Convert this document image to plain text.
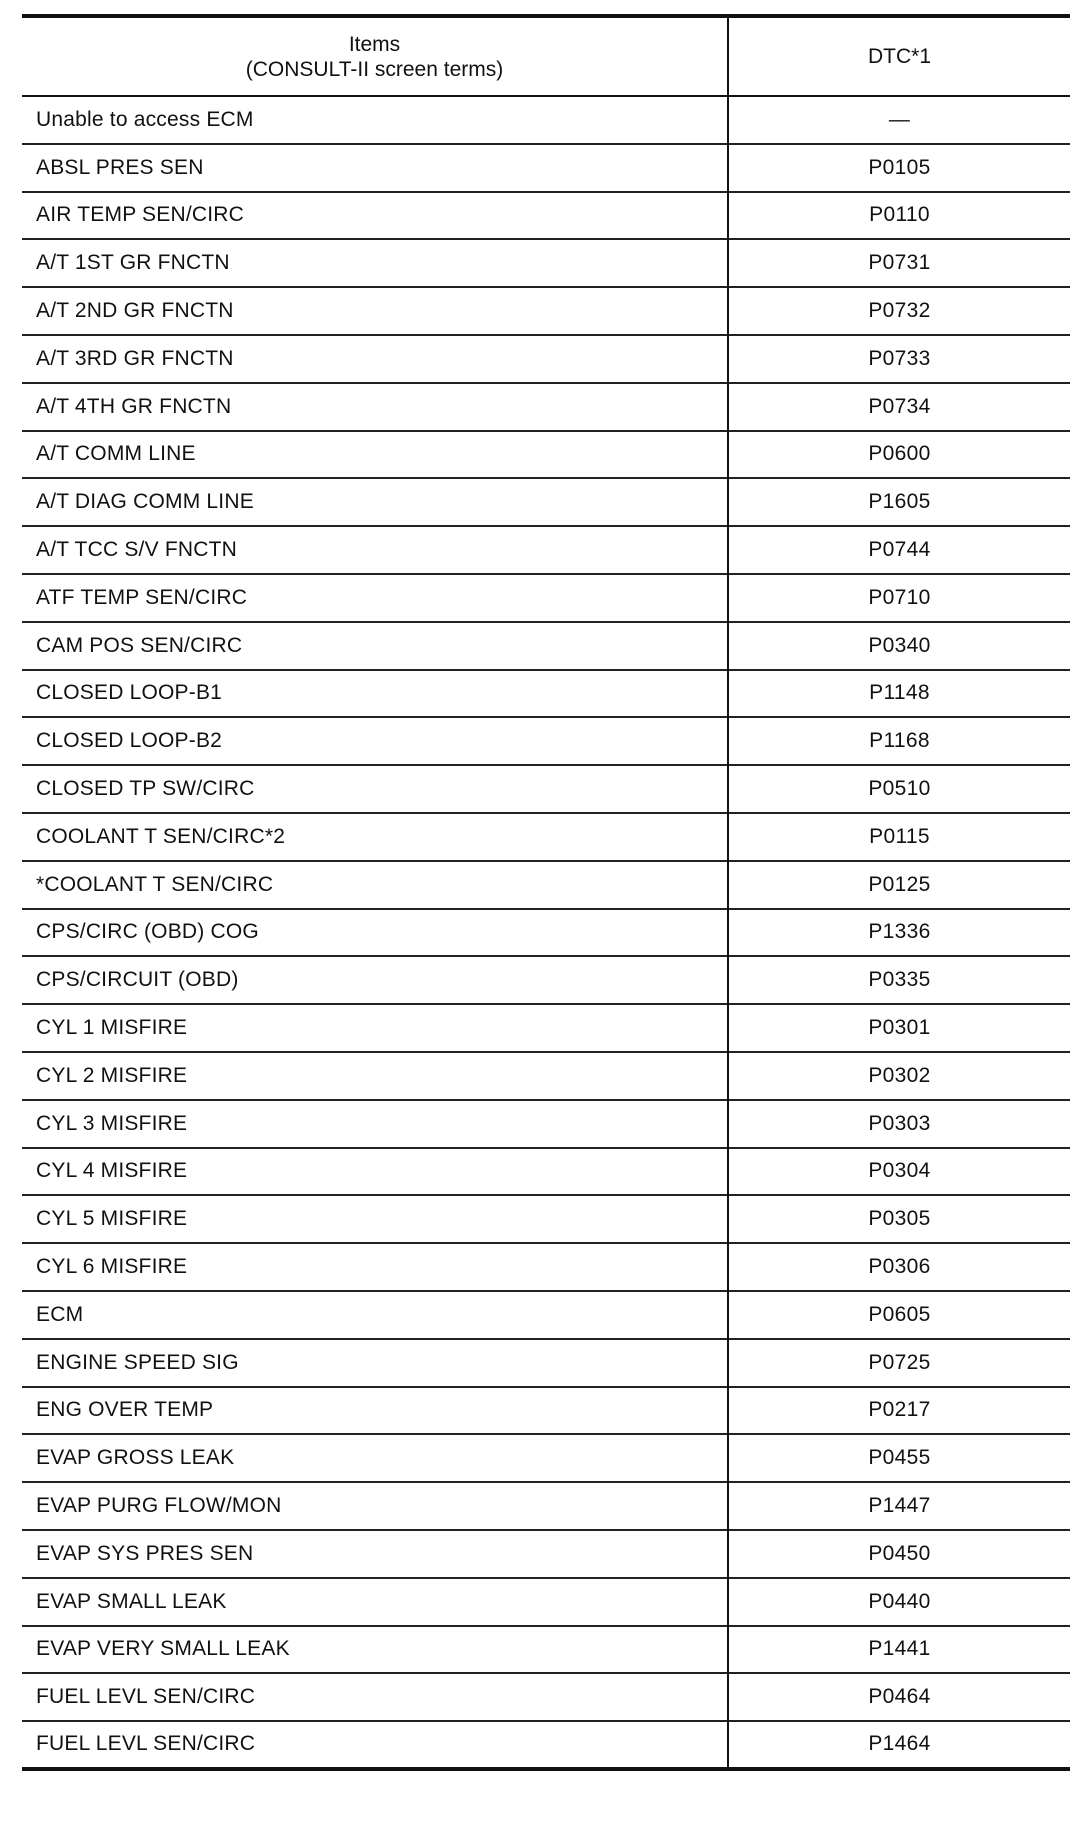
Items
(CONSULT-II screen terms)	DTC*1
Unable to access ECM	—
ABSL PRES SEN	P0105
AIR TEMP SEN/CIRC	P0110
A/T 1ST GR FNCTN	P0731
A/T 2ND GR FNCTN	P0732
A/T 3RD GR FNCTN	P0733
A/T 4TH GR FNCTN	P0734
A/T COMM LINE	P0600
A/T DIAG COMM LINE	P1605
A/T TCC S/V FNCTN	P0744
ATF TEMP SEN/CIRC	P0710
CAM POS SEN/CIRC	P0340
CLOSED LOOP-B1	P1148
CLOSED LOOP-B2	P1168
CLOSED TP SW/CIRC	P0510
COOLANT T SEN/CIRC*2	P0115
*COOLANT T SEN/CIRC	P0125
CPS/CIRC (OBD) COG	P1336
CPS/CIRCUIT (OBD)	P0335
CYL 1 MISFIRE	P0301
CYL 2 MISFIRE	P0302
CYL 3 MISFIRE	P0303
CYL 4 MISFIRE	P0304
CYL 5 MISFIRE	P0305
CYL 6 MISFIRE	P0306
ECM	P0605
ENGINE SPEED SIG	P0725
ENG OVER TEMP	P0217
EVAP GROSS LEAK	P0455
EVAP PURG FLOW/MON	P1447
EVAP SYS PRES SEN	P0450
EVAP SMALL LEAK	P0440
EVAP VERY SMALL LEAK	P1441
FUEL LEVL SEN/CIRC	P0464
FUEL LEVL SEN/CIRC	P1464
